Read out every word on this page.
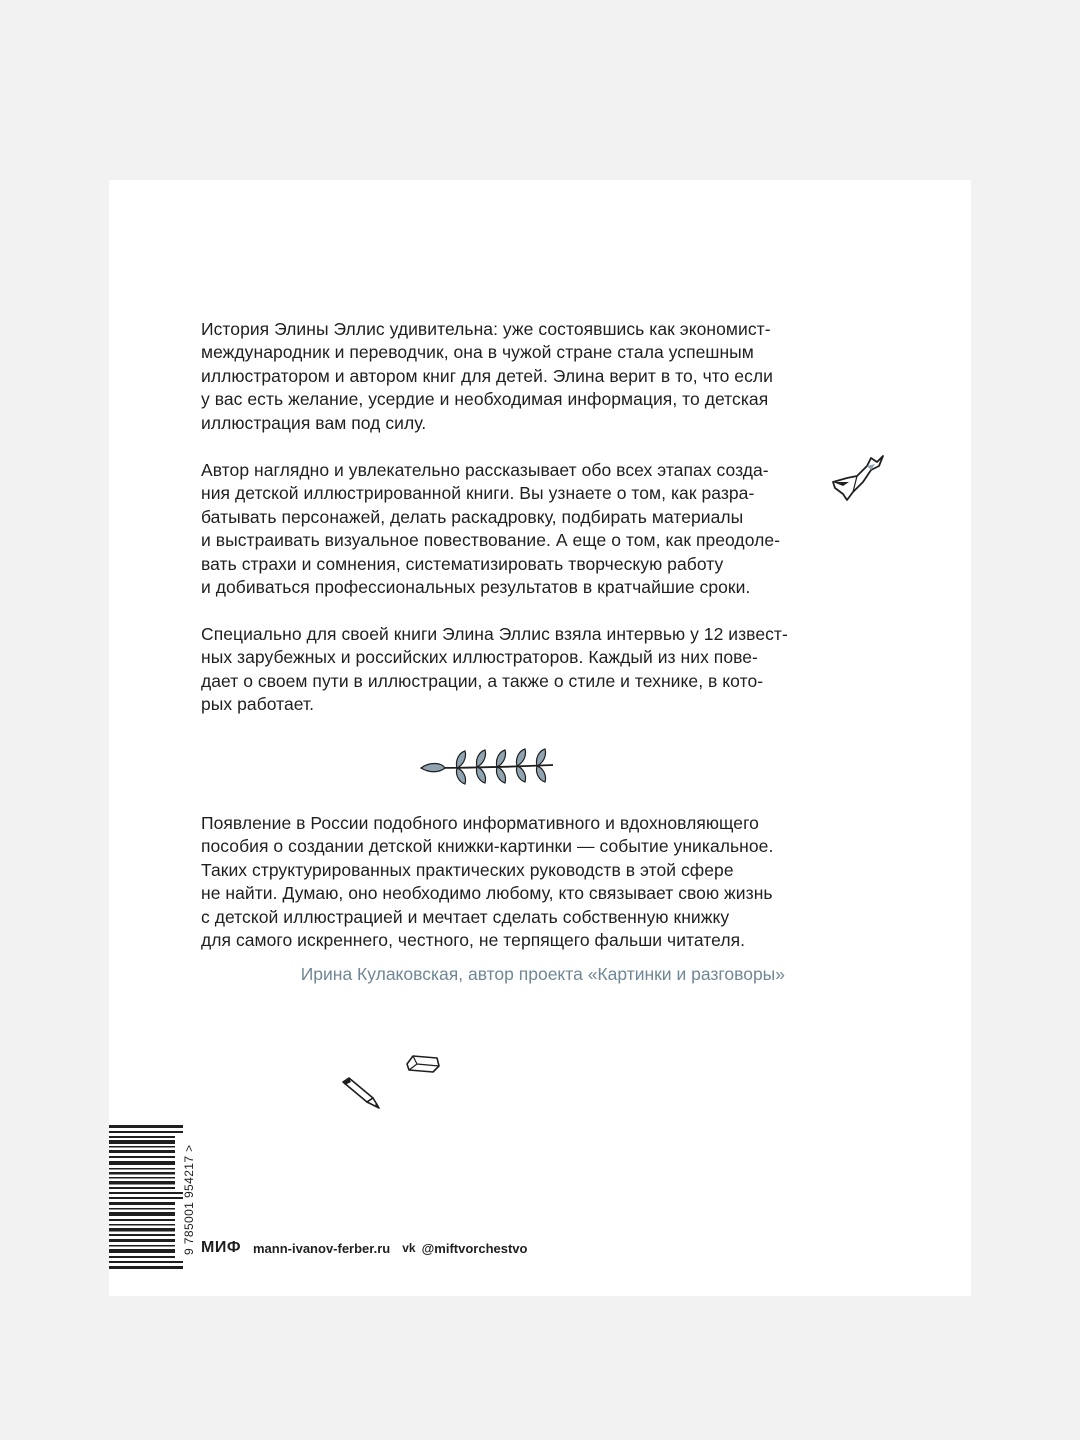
История Элины Эллис удивительна: уже состоявшись как экономист-
международник и переводчик, она в чужой стране стала успешным
иллюстратором и автором книг для детей. Элина верит в то, что если
у вас есть желание, усердие и необходимая информация, то детская
иллюстрация вам под силу.

Автор наглядно и увлекательно рассказывает обо всех этапах созда-
ния детской иллюстрированной книги. Вы узнаете о том, как разра-
батывать персонажей, делать раскадровку, подбирать материалы
и выстраивать визуальное повествование. А еще о том, как преодоле-
вать страхи и сомнения, систематизировать творческую работу
и добиваться профессиональных результатов в кратчайшие сроки.

Специально для своей книги Элина Эллис взяла интервью у 12 извест-
ных зарубежных и российских иллюстраторов. Каждый из них пове-
дает о своем пути в иллюстрации, а также о стиле и технике, в кото-
рых работает.

Появление в России подобного информативного и вдохновляющего
пособия о создании детской книжки-картинки — событие уникальное.
Таких структурированных практических руководств в этой сфере
не найти. Думаю, оно необходимо любому, кто связывает свою жизнь
с детской иллюстрацией и мечтает сделать собственную книжку
для самого искреннего, честного, не терпящего фальши читателя.

Ирина Кулаковская, автор проекта «Картинки и разговоры»
9 785001 954217 > МИФ mann-ivanov-ferber.ru vk @miftvorchestvo
